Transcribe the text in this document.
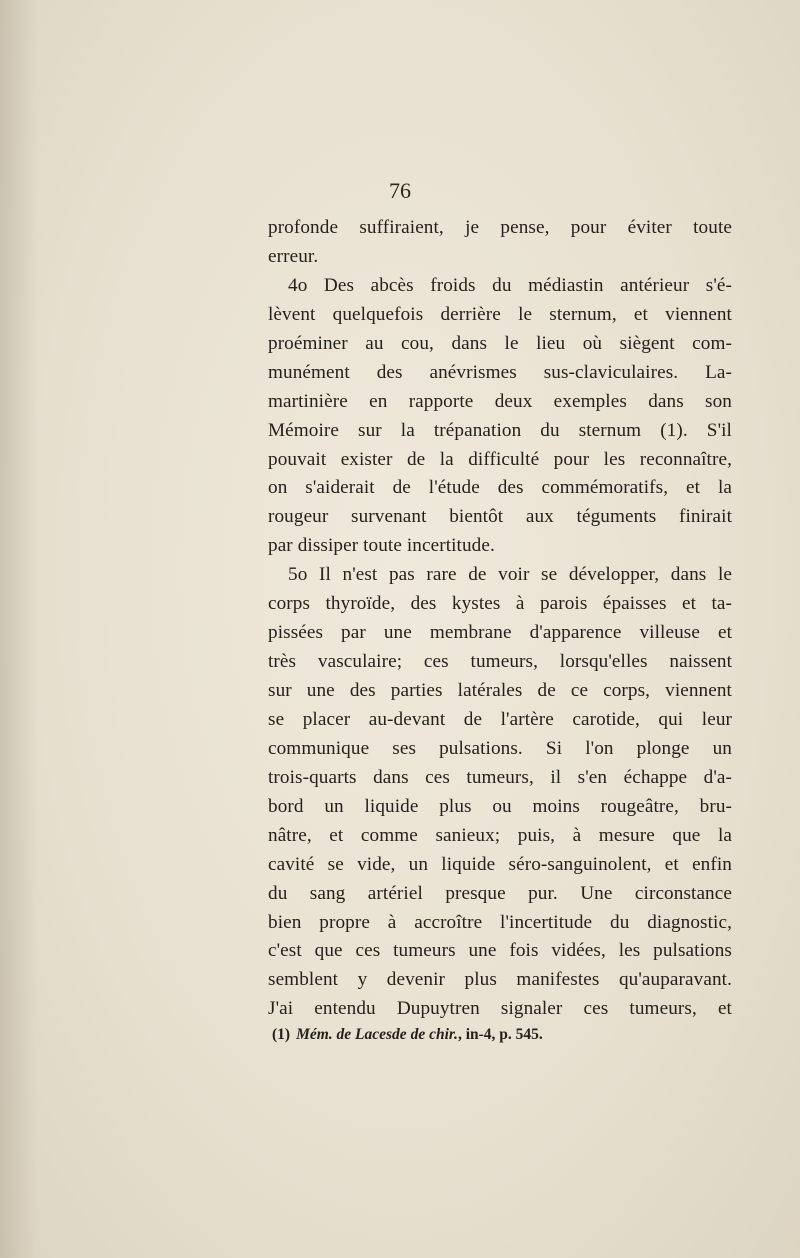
76

profonde suffiraient, je pense, pour éviter toute
erreur.
4o Des abcès froids du médiastin antérieur s'é-
lèvent quelquefois derrière le sternum, et viennent
proéminer au cou, dans le lieu où siègent com-
munément des anévrismes sus-claviculaires. La-
martinière en rapporte deux exemples dans son
Mémoire sur la trépanation du sternum (1). S'il
pouvait exister de la difficulté pour les reconnaître,
on s'aiderait de l'étude des commémoratifs, et la
rougeur survenant bientôt aux téguments finirait
par dissiper toute incertitude.
5o Il n'est pas rare de voir se développer, dans le
corps thyroïde, des kystes à parois épaisses et ta-
pissées par une membrane d'apparence villeuse et
très vasculaire; ces tumeurs, lorsqu'elles naissent
sur une des parties latérales de ce corps, viennent
se placer au-devant de l'artère carotide, qui leur
communique ses pulsations. Si l'on plonge un
trois-quarts dans ces tumeurs, il s'en échappe d'a-
bord un liquide plus ou moins rougeâtre, bru-
nâtre, et comme sanieux; puis, à mesure que la
cavité se vide, un liquide séro-sanguinolent, et enfin
du sang artériel presque pur. Une circonstance
bien propre à accroître l'incertitude du diagnostic,
c'est que ces tumeurs une fois vidées, les pulsations
semblent y devenir plus manifestes qu'auparavant.
J'ai entendu Dupuytren signaler ces tumeurs, et
(1) Mém. de Lacesde de chir., in-4, p. 545.
